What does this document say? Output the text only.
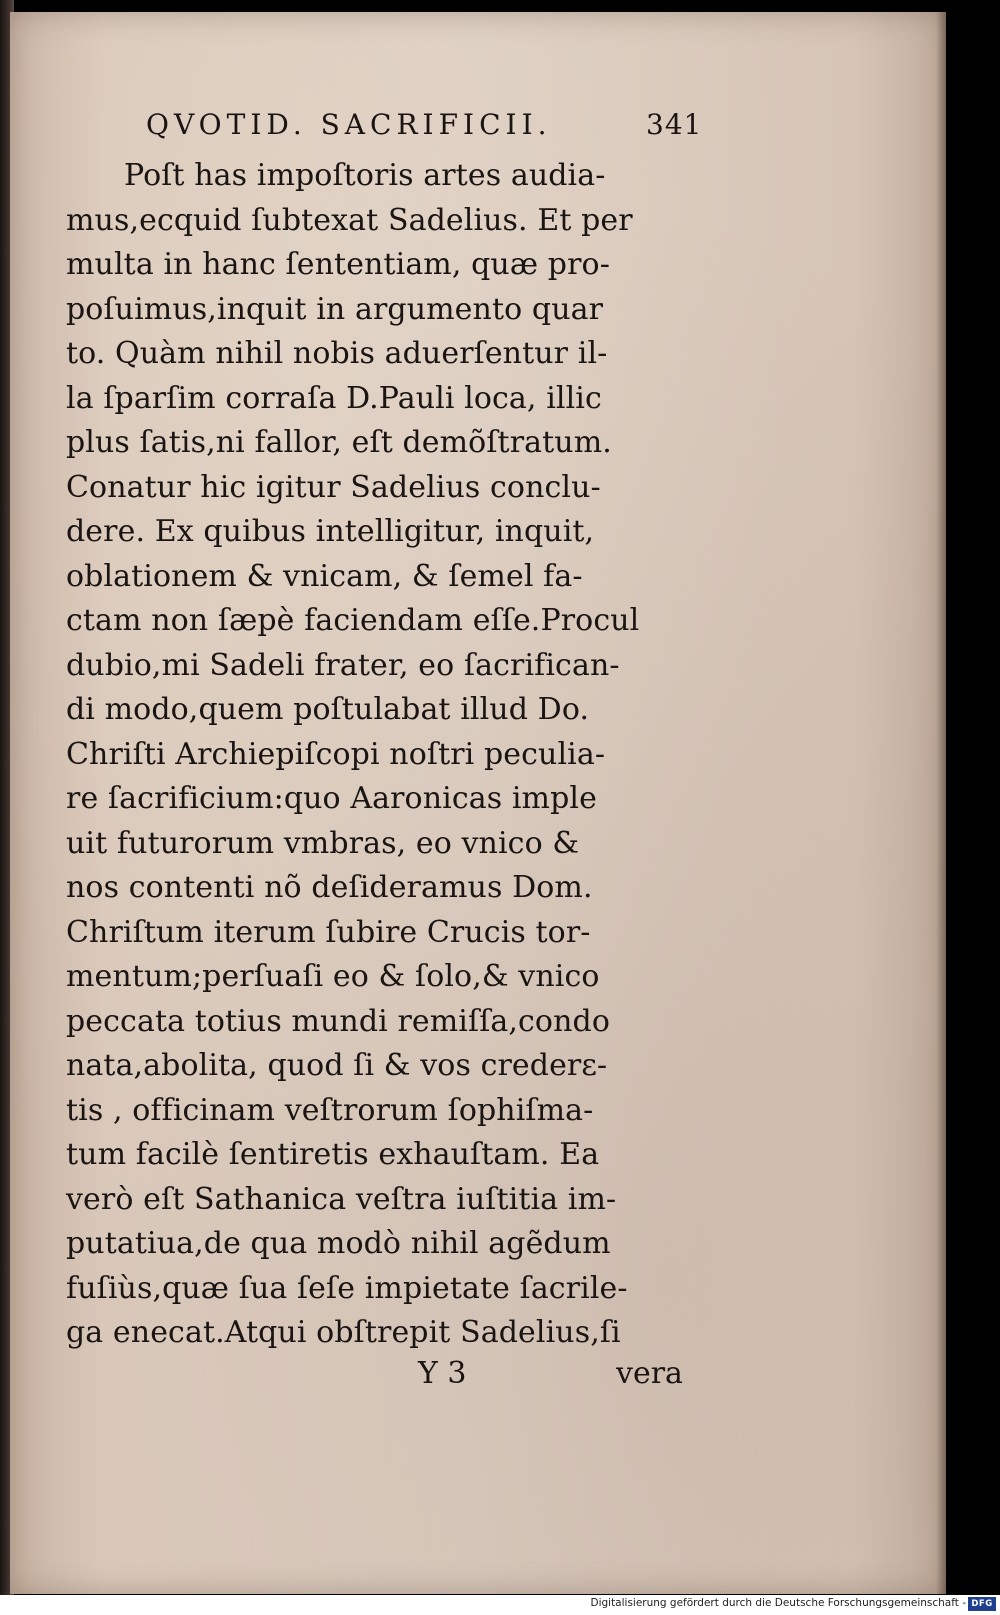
QVOTID. SACRIFICII.	341
Poſt has impoſtoris artes audia-
mus,ecquid ſubtexat Sadelius. Et per
multa in hanc ſententiam, quæ pro-
poſuimus,inquit in argumento quar
to. Quàm nihil nobis aduerſentur il-
la ſparſim corraſa D.Pauli loca, illic
plus ſatis,ni fallor, eſt demõſtratum.
Conatur hic igitur Sadelius conclu-
dere. Ex quibus intelligitur, inquit,
oblationem & vnicam, & ſemel fa-
ctam non ſæpè faciendam eſſe.Procul
dubio,mi Sadeli frater, eo ſacrifican-
di modo,quem poſtulabat illud Do.
Chriſti Archiepiſcopi noſtri peculia-
re ſacrificium:quo Aaronicas imple
uit futurorum vmbras, eo vnico &
nos contenti nõ deſideramus Dom.
Chriſtum iterum ſubire Crucis tor-
mentum;perſuaſi eo & ſolo,& vnico
peccata totius mundi remiſſa,condo
nata,abolita, quod ſi & vos crederε-
tis , officinam veſtrorum ſophiſma-
tum facilè ſentiretis exhauſtam. Ea
verò eſt Sathanica veſtra iuſtitia im-
putatiua,de qua modò nihil agẽdum
fuſiùs,quæ ſua ſeſe impietate ſacrile-
ga enecat.Atqui obſtrepit Sadelius,ſi
Y 3	vera
Digitalisierung gefördert durch die Deutsche Forschungsgemeinschaft - DFG
